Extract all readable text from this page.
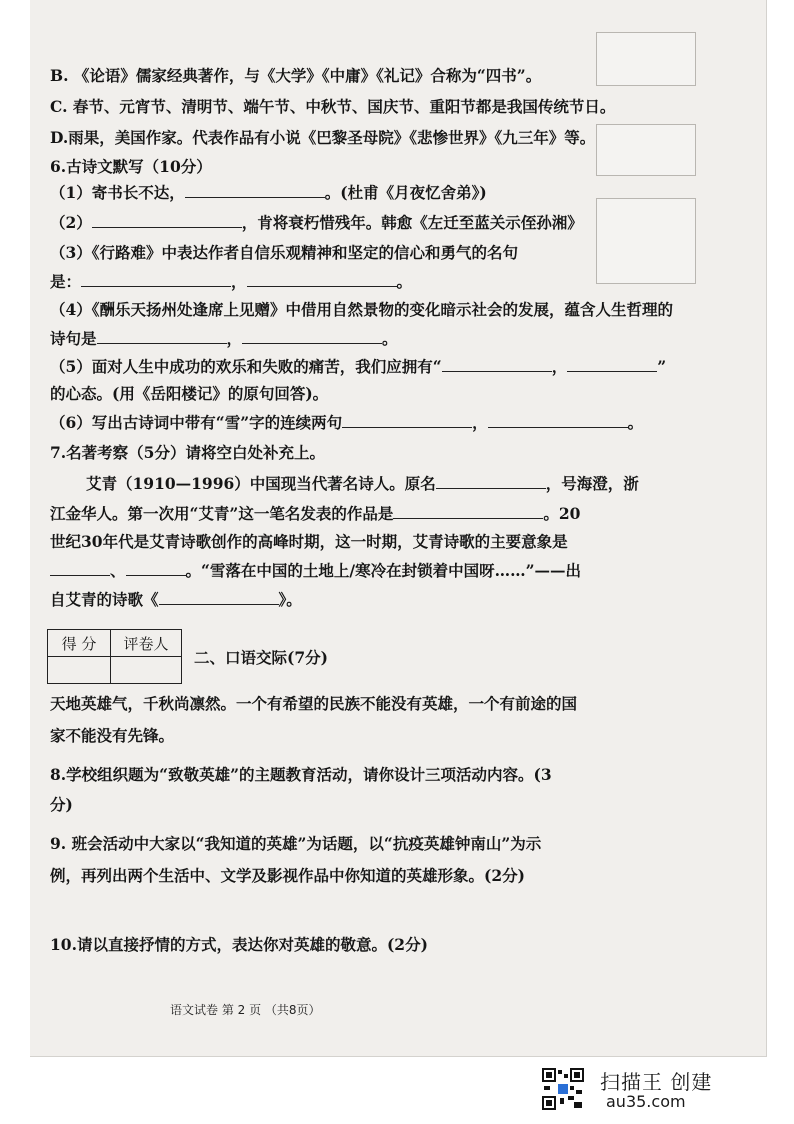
B. 《论语》儒家经典著作，与《大学》《中庸》《礼记》合称为“四书”。
C. 春节、元宵节、清明节、端午节、中秋节、国庆节、重阳节都是我国传统节日。
D.雨果，美国作家。代表作品有小说《巴黎圣母院》《悲惨世界》《九三年》等。
6.古诗文默写（10分）
（1）寄书长不达，	。(杜甫《月夜忆舍弟》)
（2）	，肯将衰朽惜残年。韩愈《左迁至蓝关示侄孙湘》
（3）《行路难》中表达作者自信乐观精神和坚定的信心和勇气的名句
是：	，	。
（4）《酬乐天扬州处逢席上见赠》中借用自然景物的变化暗示社会的发展，蕴含人生哲理的
诗句是	，	。
（5）面对人生中成功的欢乐和失败的痛苦，我们应拥有“	，	”
的心态。(用《岳阳楼记》的原句回答)。
（6）写出古诗词中带有“雪”字的连续两句	，	。
7.名著考察（5分）请将空白处补充上。
艾青（1910—1996）中国现当代著名诗人。原名	，号海澄，浙
江金华人。第一次用“艾青”这一笔名发表的作品是	。20
世纪30年代是艾青诗歌创作的高峰时期，这一时期，艾青诗歌的主要意象是
、	。“雪落在中国的土地上/寒冷在封锁着中国呀……”——出
自艾青的诗歌《	》。
得 分	评卷人

二、口语交际(7分)
天地英雄气，千秋尚凛然。一个有希望的民族不能没有英雄，一个有前途的国
家不能没有先锋。
8.学校组织题为“致敬英雄”的主题教育活动，请你设计三项活动内容。(3
分)
9. 班会活动中大家以“我知道的英雄”为话题，以“抗疫英雄钟南山”为示
例，再列出两个生活中、文学及影视作品中你知道的英雄形象。(2分)
10.请以直接抒情的方式，表达你对英雄的敬意。(2分)
语文试卷 第 2 页 （共8页）
扫描王 创建
au35.com
